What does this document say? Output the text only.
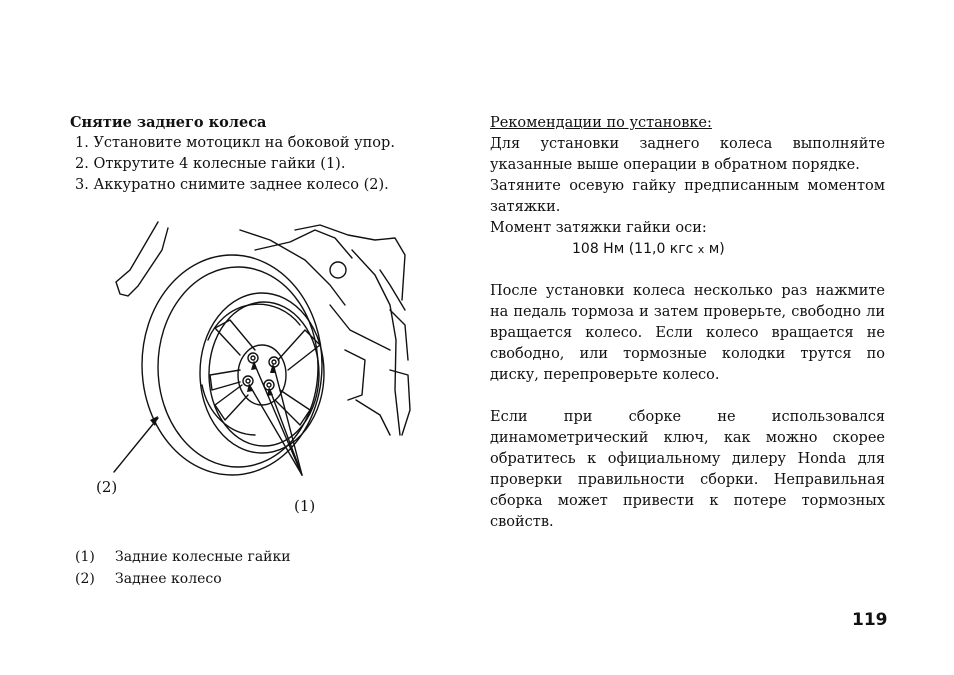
Снятие заднего колеса
1. Установите мотоцикл на боковой упор.
2. Открутите 4 колесные гайки (1).
3. Аккуратно снимите заднее колесо (2).
(2)
(1)
(1) Задние колесные гайки
(2) Заднее колесо

Рекомендации по установке:

Для установки заднего колеса выполняйте указанные выше операции в обратном порядке.

Затяните осевую гайку предписанным моментом затяжки.

Момент затяжки гайки оси:

108 Нм (11,0 кгс x м)

После установки колеса несколько раз нажмите на педаль тормоза и затем проверьте, свободно ли вращается колесо. Если колесо вращается не свободно, или тормозные колодки трутся по диску, перепроверьте колесо.

Если при сборке не использовался динамометрический ключ, как можно скорее обратитесь к официальному дилеру Honda для проверки правильности сборки. Неправильная сборка может привести к потере тормозных свойств.

119
